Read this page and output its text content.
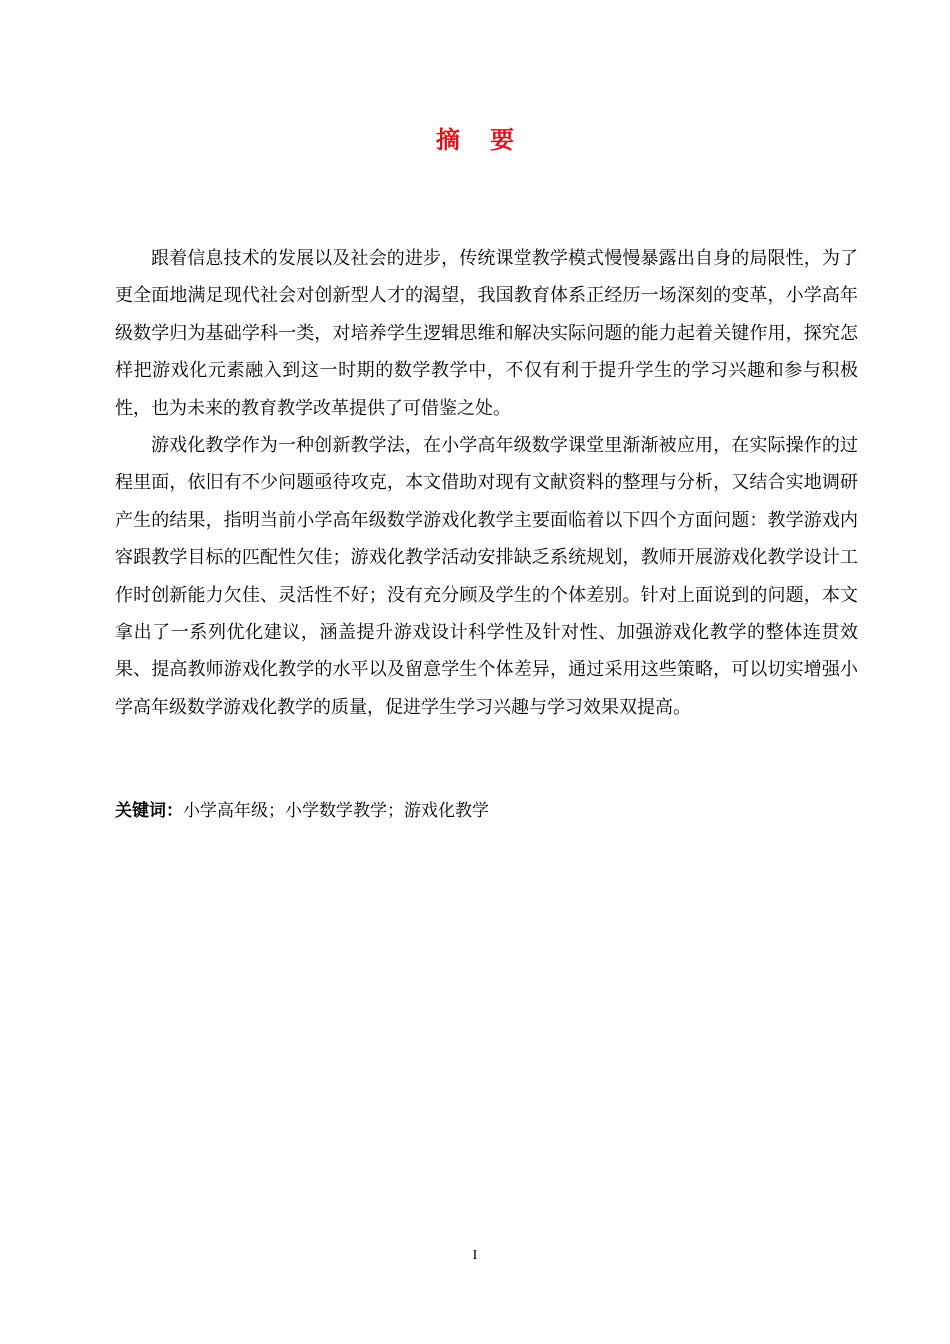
摘要

跟着信息技术的发展以及社会的进步，传统课堂教学模式慢慢暴露出自身的局限性，为了更全面地满足现代社会对创新型人才的渴望，我国教育体系正经历一场深刻的变革，小学高年级数学归为基础学科一类，对培养学生逻辑思维和解决实际问题的能力起着关键作用，探究怎样把游戏化元素融入到这一时期的数学教学中，不仅有利于提升学生的学习兴趣和参与积极性，也为未来的教育教学改革提供了可借鉴之处。

游戏化教学作为一种创新教学法，在小学高年级数学课堂里渐渐被应用，在实际操作的过程里面，依旧有不少问题亟待攻克，本文借助对现有文献资料的整理与分析，又结合实地调研产生的结果，指明当前小学高年级数学游戏化教学主要面临着以下四个方面问题：教学游戏内容跟教学目标的匹配性欠佳；游戏化教学活动安排缺乏系统规划，教师开展游戏化教学设计工作时创新能力欠佳、灵活性不好；没有充分顾及学生的个体差别。针对上面说到的问题，本文拿出了一系列优化建议，涵盖提升游戏设计科学性及针对性、加强游戏化教学的整体连贯效果、提高教师游戏化教学的水平以及留意学生个体差异，通过采用这些策略，可以切实增强小学高年级数学游戏化教学的质量，促进学生学习兴趣与学习效果双提高。

关键词：小学高年级；小学数学教学；游戏化教学
I
